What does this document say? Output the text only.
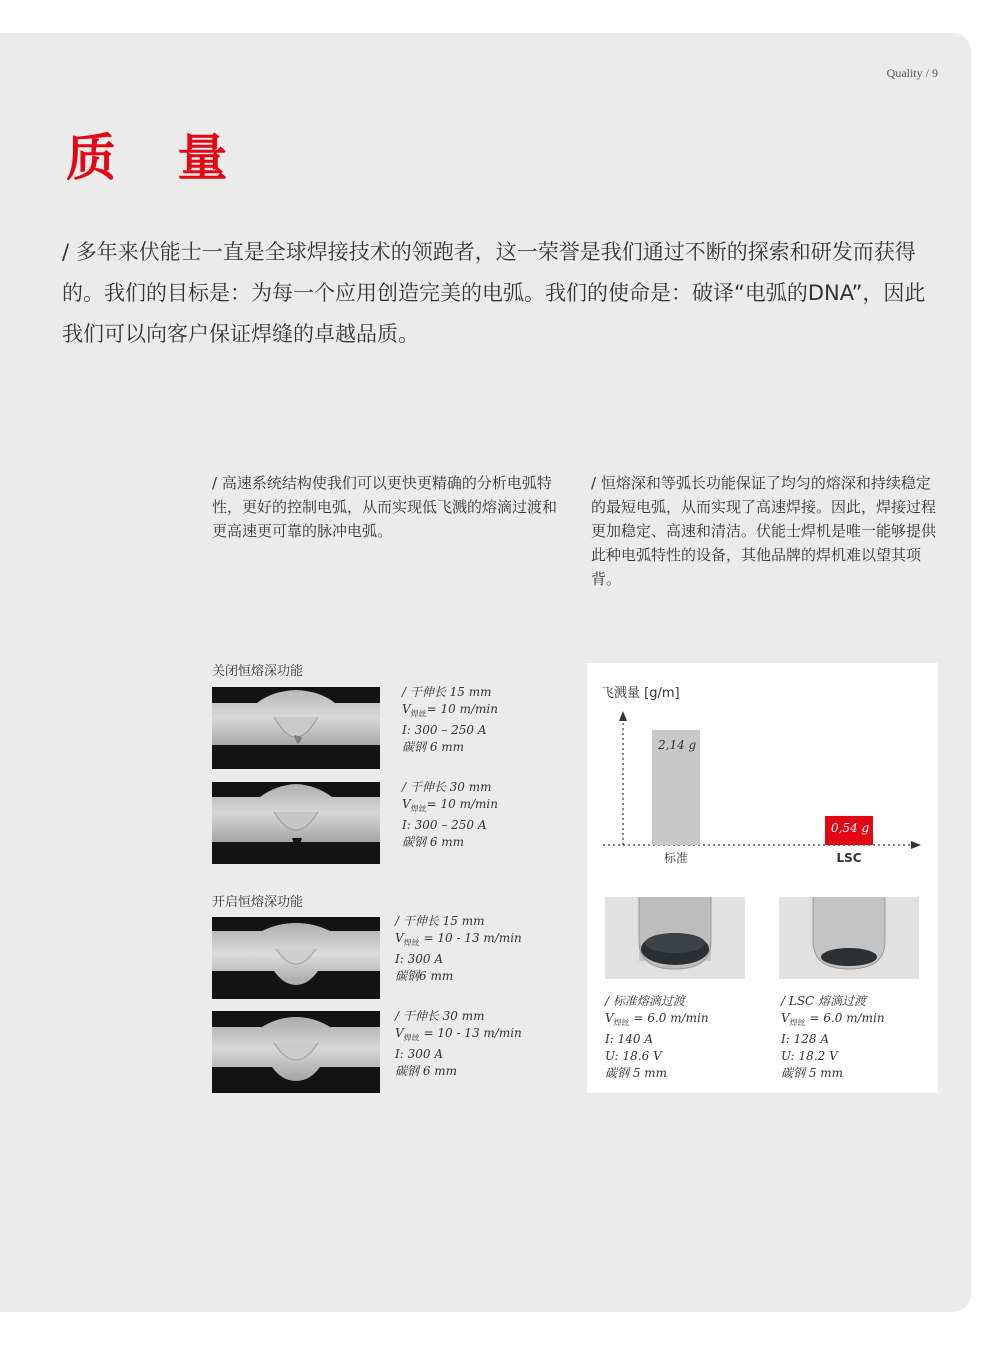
Quality / 9
质 量
/ 多年来伏能士一直是全球焊接技术的领跑者，这一荣誉是我们通过不断的探索和研发而获得的。我们的目标是：为每一个应用创造完美的电弧。我们的使命是：破译“电弧的DNA”，因此我们可以向客户保证焊缝的卓越品质。
/ 高速系统结构使我们可以更快更精确的分析电弧特性，更好的控制电弧，从而实现低飞溅的熔滴过渡和更高速更可靠的脉冲电弧。
/ 恒熔深和等弧长功能保证了均匀的熔深和持续稳定的最短电弧，从而实现了高速焊接。因此，焊接过程更加稳定、高速和清洁。伏能士焊机是唯一能够提供此种电弧特性的设备，其他品牌的焊机难以望其项背。
关闭恒熔深功能
/ 干伸长 15 mm
$V_{焊丝}= 10$ m/min
I: 300 – 250 A
碳钢 6 mm
/ 干伸长 30 mm
$V_{焊丝}= 10$ m/min
I: 300 – 250 A
碳钢 6 mm
开启恒熔深功能
/ 干伸长 15 mm
$V_{焊丝} = 10 - 13$ m/min
I: 300 A
碳钢6 mm
/ 干伸长 30 mm
$V_{焊丝} = 10 - 13$ m/min
I: 300 A
碳钢 6 mm
飞溅量 [g/m]
2,14 g
标准
0,54 g
LSC
/ 标准熔滴过渡
$V_{焊丝} = 6.0$ m/min
I: 140 A
U: 18.6 V
碳钢 5 mm
/ LSC 熔滴过渡
$V_{焊丝} = 6.0$ m/min
I: 128 A
U: 18.2 V
碳钢 5 mm
